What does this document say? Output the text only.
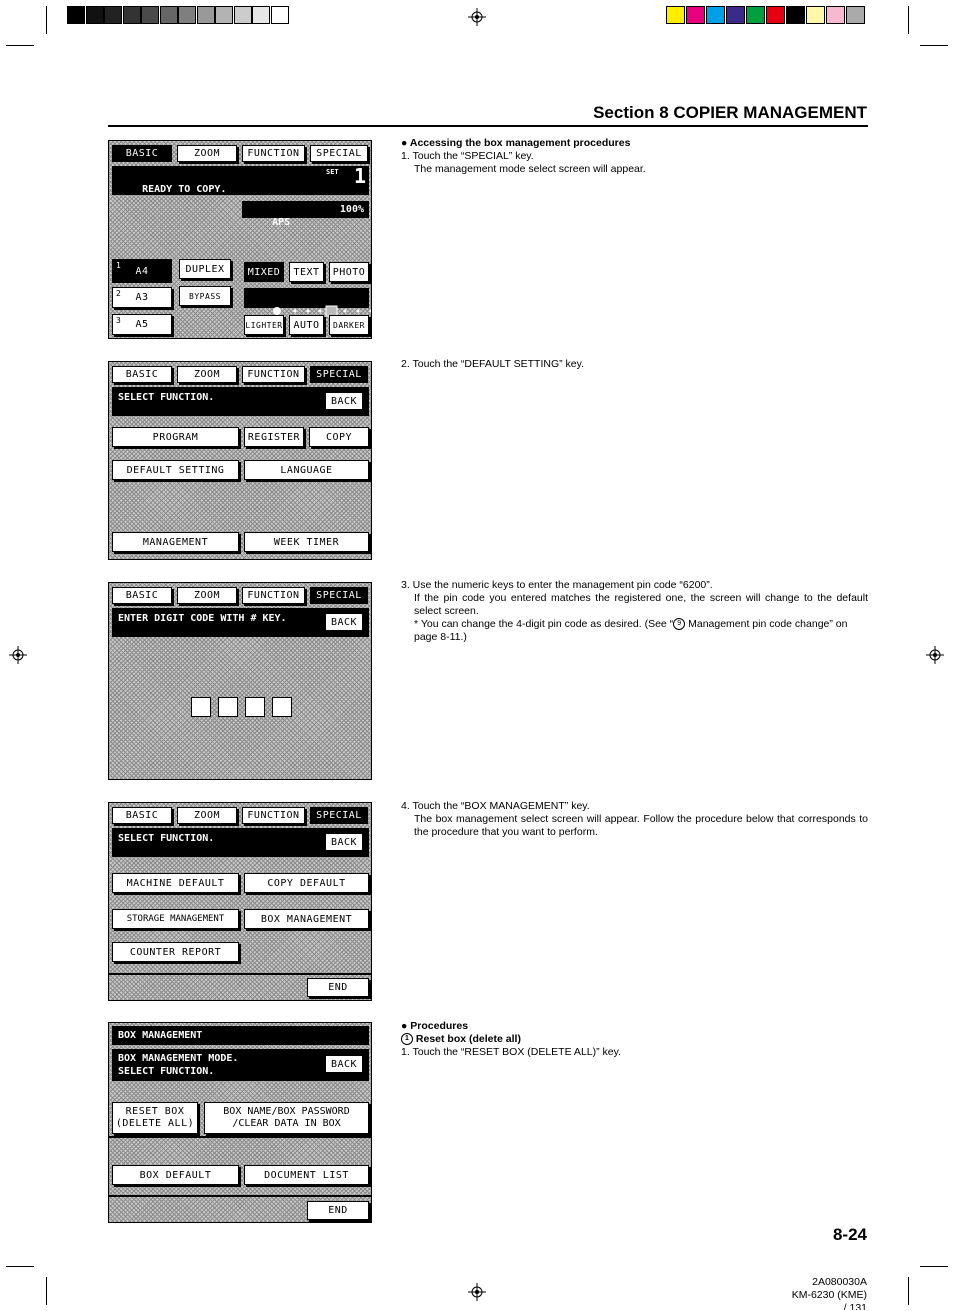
Section 8 COPIER MANAGEMENT
BASIC	ZOOM	FUNCTION	SPECIAL

READY TO COPY.

SET

1

APS

100%

1 A4
2 A3
3 A5
DUPLEX
BYPASS
MIXED	TEXT	PHOTO

LIGHTER	AUTO	DARKER
BASIC	ZOOM	FUNCTION	SPECIAL
SELECT FUNCTION.	BACK
PROGRAM	REGISTER	COPY
DEFAULT SETTING	LANGUAGE
MANAGEMENT	WEEK TIMER
BASIC	ZOOM	FUNCTION	SPECIAL
ENTER DIGIT CODE WITH # KEY.	BACK
BASIC	ZOOM	FUNCTION	SPECIAL
SELECT FUNCTION.	BACK
MACHINE DEFAULT	COPY DEFAULT
STORAGE MANAGEMENT	BOX MANAGEMENT
COUNTER REPORT
END
BOX MANAGEMENT
BOX MANAGEMENT MODE.
SELECT FUNCTION.
BACK
RESET BOX
(DELETE ALL)
BOX NAME/BOX PASSWORD
/CLEAR DATA IN BOX
BOX DEFAULT	DOCUMENT LIST
END

● Accessing the box management procedures

1. Touch the “SPECIAL” key.

The management mode select screen will appear.

2. Touch the “DEFAULT SETTING” key.

3. Use the numeric keys to enter the management pin code “6200”.

If the pin code you entered matches the registered one, the screen will change to the default select screen.

* You can change the 4-digit pin code as desired. (See “ 9 Management pin code change” on page 8-11.)

4. Touch the “BOX MANAGEMENT” key.

The box management select screen will appear. Follow the procedure below that corresponds to the procedure that you want to perform.

● Procedures

1 Reset box (delete all)

1. Touch the “RESET BOX (DELETE ALL)” key.

8-24
2A080030A
KM-6230 (KME)
/ 131
